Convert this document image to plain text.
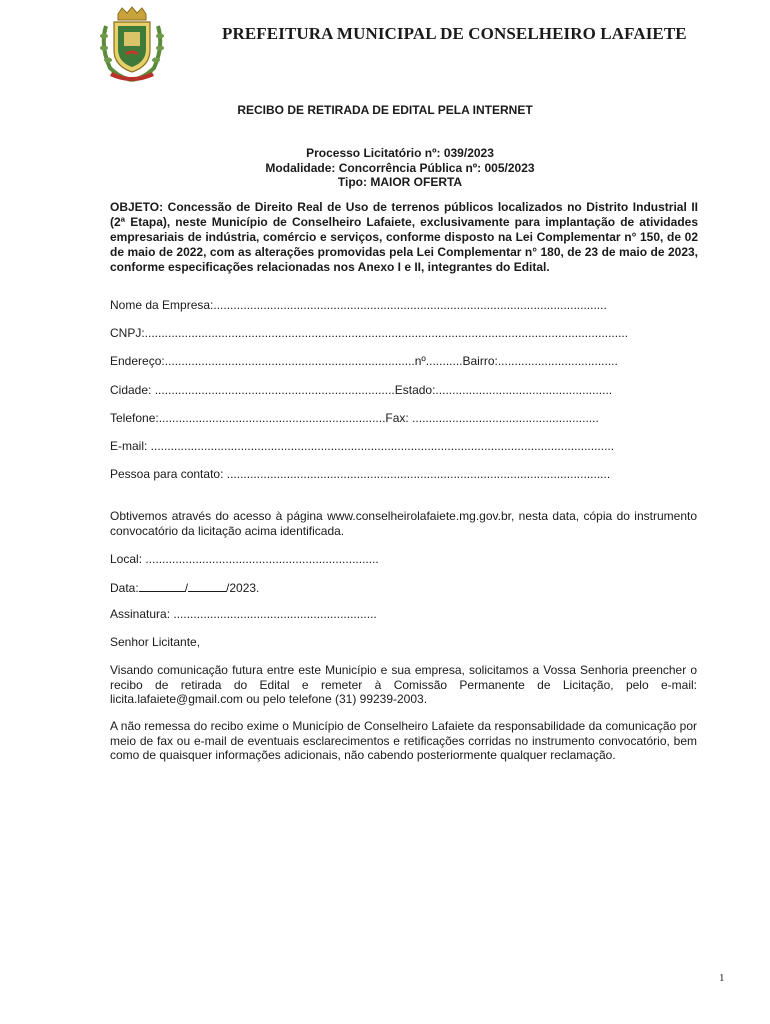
PREFEITURA MUNICIPAL DE CONSELHEIRO LAFAIETE
RECIBO DE RETIRADA DE EDITAL PELA INTERNET
Processo Licitatório nº: 039/2023
Modalidade: Concorrência Pública nº: 005/2023
Tipo: MAIOR OFERTA

OBJETO: Concessão de Direito Real de Uso de terrenos públicos localizados no Distrito Industrial II (2ª Etapa), neste Município de Conselheiro Lafaiete, exclusivamente para implantação de atividades empresariais de indústria, comércio e serviços, conforme disposto na Lei Complementar n° 150, de 02 de maio de 2022, com as alterações promovidas pela Lei Complementar n° 180, de 23 de maio de 2023, conforme especificações relacionadas nos Anexo I e II, integrantes do Edital.

Nome da Empresa:......................................................................................................................
CNPJ:.................................................................................................................................................
Endereço:...........................................................................nº...........Bairro:....................................
Cidade: ........................................................................Estado:.....................................................
Telefone:....................................................................Fax: ........................................................
E-mail: ...........................................................................................................................................
Pessoa para contato: ...................................................................................................................

Obtivemos através do acesso à página www.conselheirolafaiete.mg.gov.br, nesta data, cópia do instrumento convocatório da licitação acima identificada.

Local: ......................................................................
Data:	/	/2023.
Assinatura: .............................................................
Senhor Licitante,

Visando comunicação futura entre este Município e sua empresa, solicitamos a Vossa Senhoria preencher o recibo de retirada do Edital e remeter à Comissão Permanente de Licitação, pelo e-mail: licita.lafaiete@gmail.com ou pelo telefone (31) 99239-2003.

A não remessa do recibo exime o Município de Conselheiro Lafaiete da responsabilidade da comunicação por meio de fax ou e-mail de eventuais esclarecimentos e retificações corridas no instrumento convocatório, bem como de quaisquer informações adicionais, não cabendo posteriormente qualquer reclamação.

1
